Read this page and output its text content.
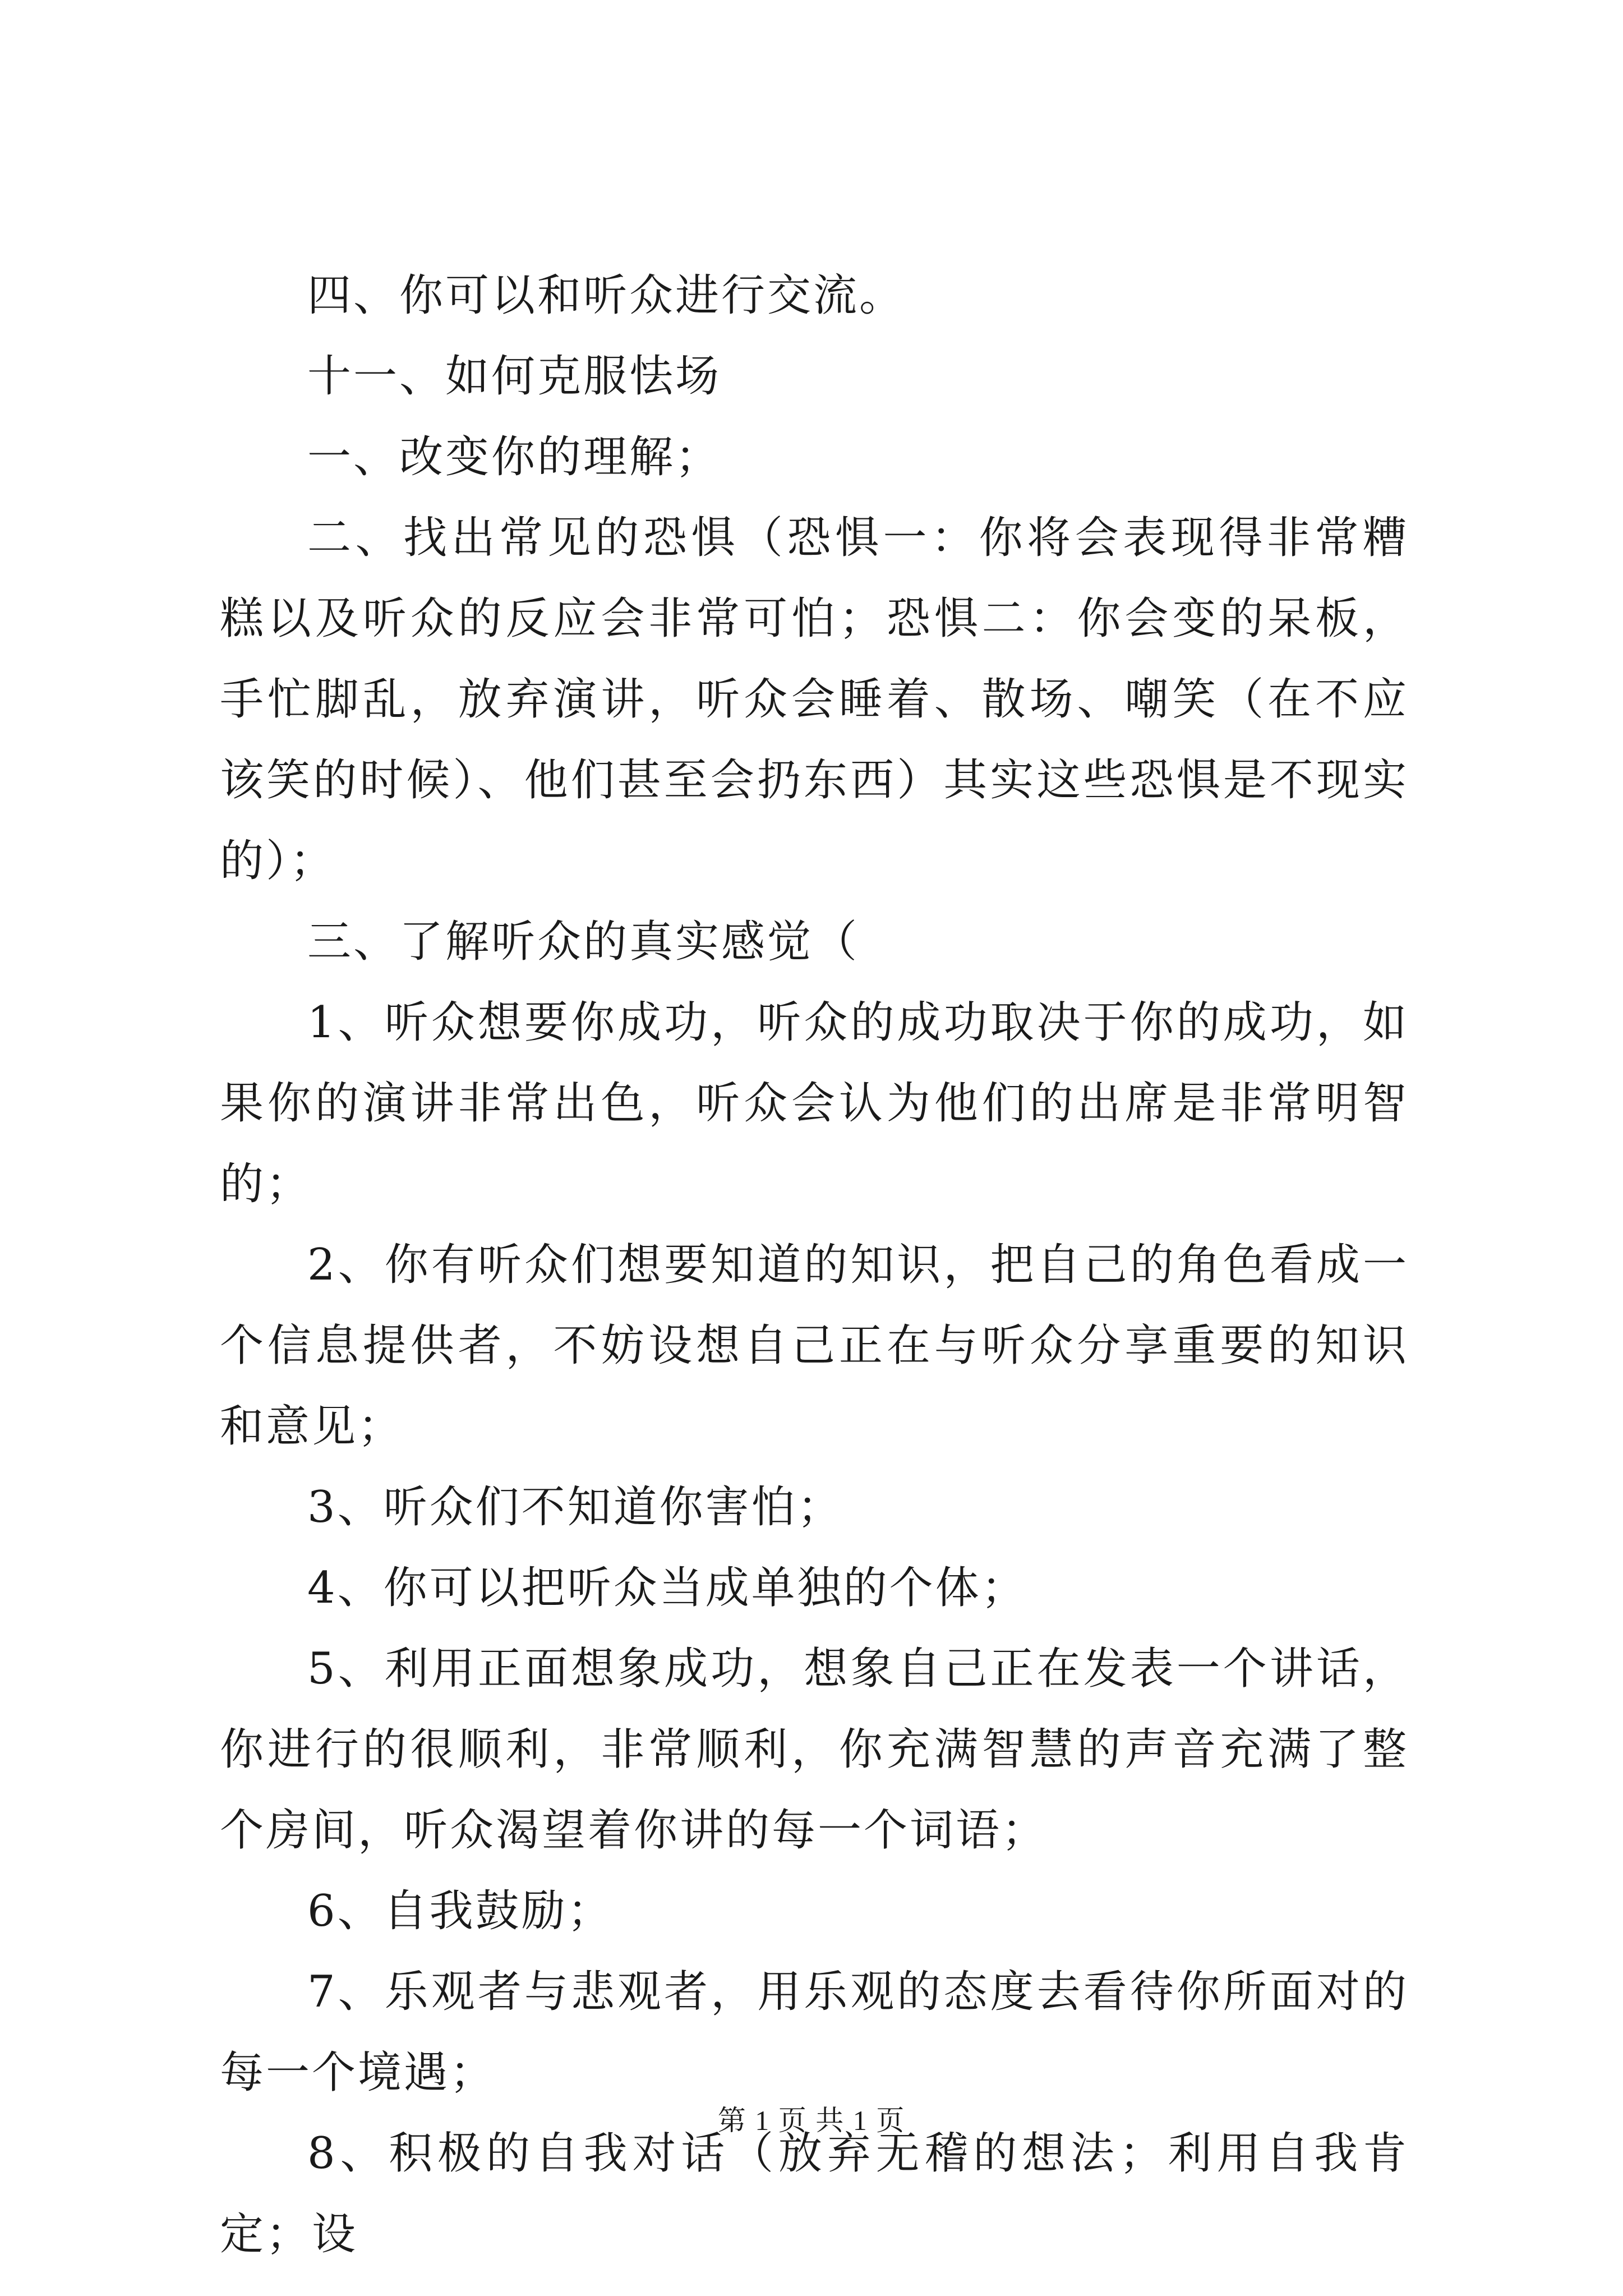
四、你可以和听众进行交流。

十一、如何克服怯场

一、改变你的理解；

二、找出常见的恐惧（恐惧一：你将会表现得非常糟糕以及听众的反应会非常可怕；恐惧二：你会变的呆板，手忙脚乱，放弃演讲，听众会睡着、散场、嘲笑（在不应该笑的时候）、他们甚至会扔东西）其实这些恐惧是不现实的）；

三、了解听众的真实感觉（

1、听众想要你成功，听众的成功取决于你的成功，如果你的演讲非常出色，听众会认为他们的出席是非常明智的；

2、你有听众们想要知道的知识，把自己的角色看成一个信息提供者，不妨设想自己正在与听众分享重要的知识和意见；

3、听众们不知道你害怕；

4、你可以把听众当成单独的个体；

5、利用正面想象成功，想象自己正在发表一个讲话，你进行的很顺利，非常顺利，你充满智慧的声音充满了整个房间，听众渴望着你讲的每一个词语；

6、自我鼓励；

7、乐观者与悲观者，用乐观的态度去看待你所面对的每一个境遇；

8、积极的自我对话（放弃无稽的想法；利用自我肯定；设

第 1 页 共 1 页
